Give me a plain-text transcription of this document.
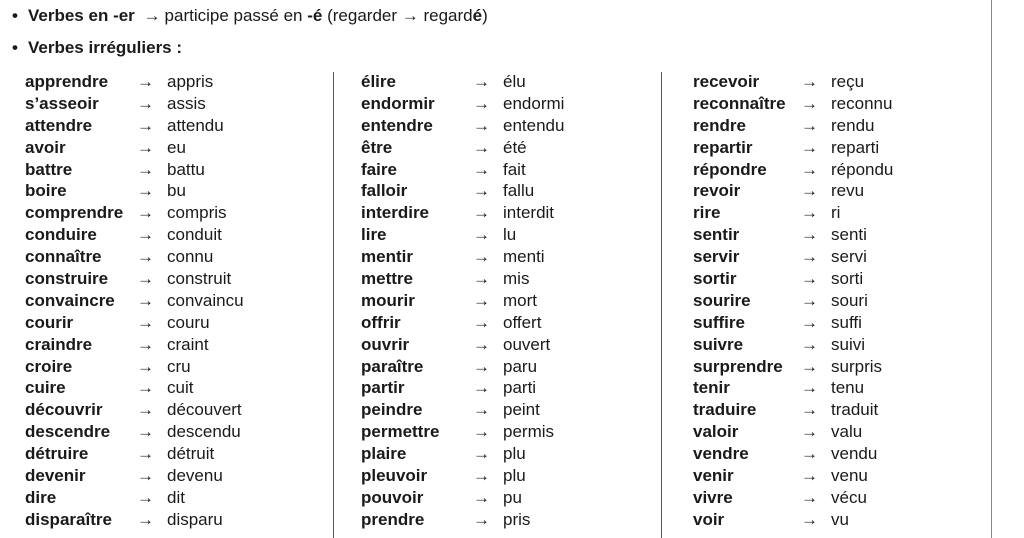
• Verbes en -er → participe passé en -é (regarder → regardé)
• Verbes irréguliers :
apprendre → appris
s’asseoir → assis
attendre	→ attendu
avoir	→ eu
battre	→ battu
boire	→ bu
comprendre → compris
conduire → conduit
connaître → connu
construire → construit
convaincre → convaincu
courir	→ couru
craindre	→ craint
croire	→ cru
cuire	→ cuit
découvrir → découvert
descendre → descendu
détruire	→ détruit
devenir	→ devenu
dire	→ dit
disparaître → disparu
élire	→ élu
endormir → endormi
entendre → entendu
être	→ été
faire	→ fait
falloir	→ fallu
interdire	→ interdit
lire	→ lu
mentir	→ menti
mettre	→ mis
mourir	→ mort
offrir	→ offert
ouvrir	→ ouvert
paraître	→ paru
partir	→ parti
peindre	→ peint
permettre → permis
plaire	→ plu
pleuvoir	→ plu
pouvoir	→ pu
prendre	→ pris
recevoir → reçu
reconnaître → reconnu
rendre	→ rendu
repartir	→ reparti
répondre → répondu
revoir	→ revu
rire	→ ri
sentir	→ senti
servir	→ servi
sortir	→ sorti
sourire	→ souri
suffire	→ suffi
suivre	→ suivi
surprendre → surpris
tenir	→ tenu
traduire	→ traduit
valoir	→ valu
vendre	→ vendu
venir	→ venu
vivre	→ vécu
voir	→ vu
